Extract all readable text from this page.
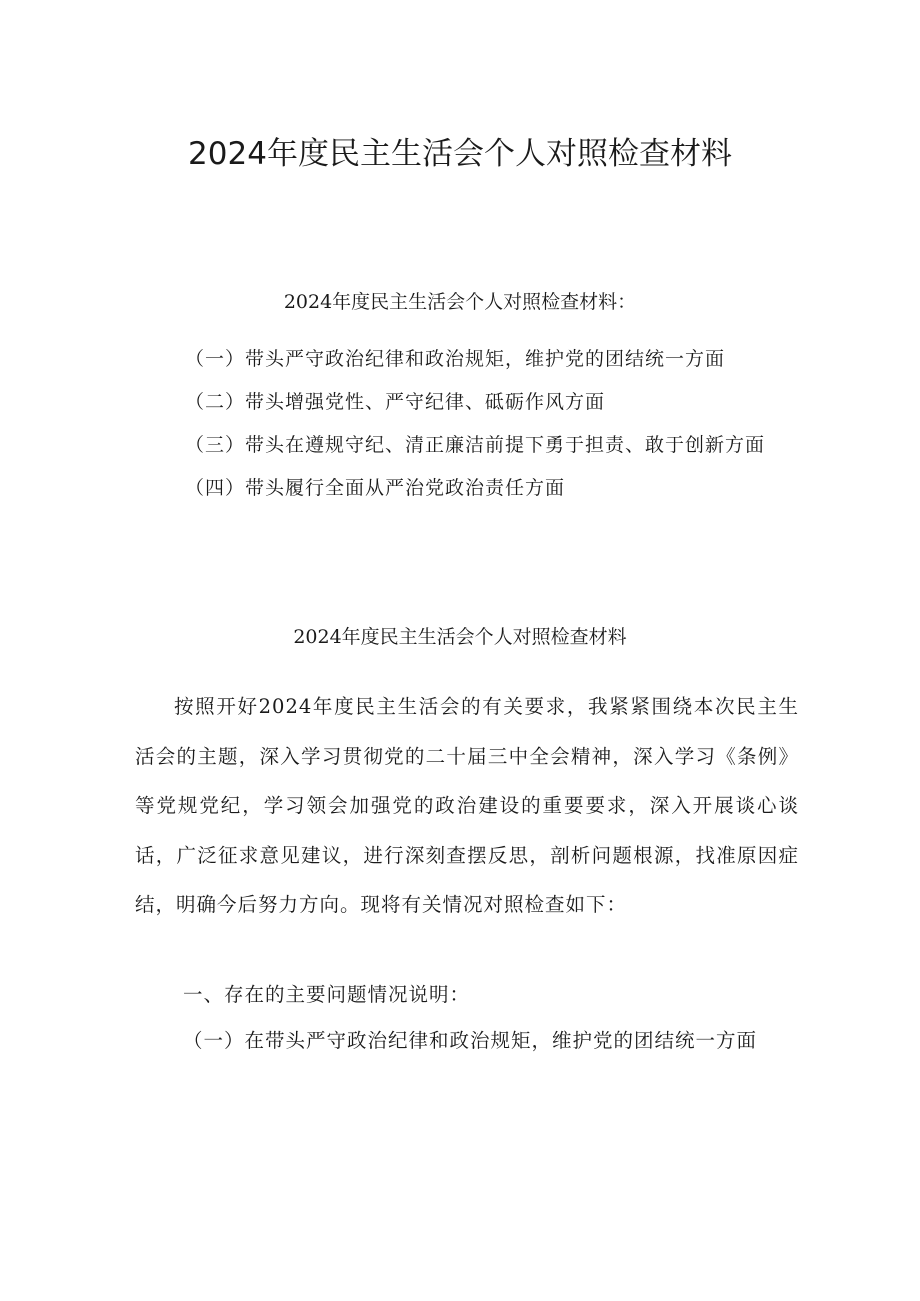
2024年度民主生活会个人对照检查材料
2024年度民主生活会个人对照检查材料：
（一）带头严守政治纪律和政治规矩，维护党的团结统一方面
（二）带头增强党性、严守纪律、砥砺作风方面
（三）带头在遵规守纪、清正廉洁前提下勇于担责、敢于创新方面
（四）带头履行全面从严治党政治责任方面
2024年度民主生活会个人对照检查材料

按照开好2024年度民主生活会的有关要求，我紧紧围绕本次民主生活会的主题，深入学习贯彻党的二十届三中全会精神，深入学习《条例》等党规党纪，学习领会加强党的政治建设的重要要求，深入开展谈心谈话，广泛征求意见建议，进行深刻查摆反思，剖析问题根源，找准原因症结，明确今后努力方向。现将有关情况对照检查如下：

一、存在的主要问题情况说明：
（一）在带头严守政治纪律和政治规矩，维护党的团结统一方面
